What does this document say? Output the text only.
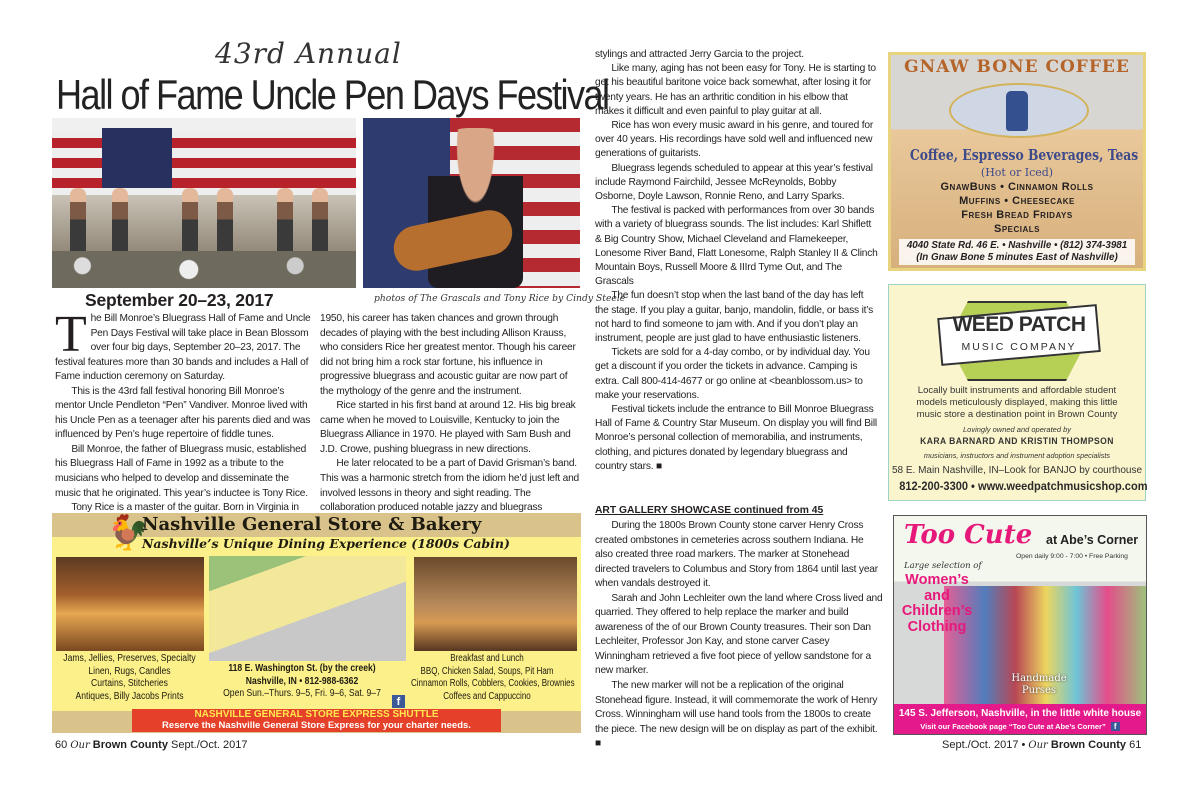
43rd Annual
Hall of Fame Uncle Pen Days Festival
September 20–23, 2017	photos of The Grascals and Tony Rice by Cindy Steele

The Bill Monroe’s Bluegrass Hall of Fame and Uncle Pen Days Festival will take place in Bean Blossom over four big days, September 20–23, 2017. The festival features more than 30 bands and includes a Hall of Fame induction ceremony on Saturday.

This is the 43rd fall festival honoring Bill Monroe’s mentor Uncle Pendleton “Pen” Vandiver. Monroe lived with his Uncle Pen as a teenager after his parents died and was influenced by Pen’s huge repertoire of fiddle tunes.

Bill Monroe, the father of Bluegrass music, established his Bluegrass Hall of Fame in 1992 as a tribute to the musicians who helped to develop and disseminate the music that he originated. This year’s inductee is Tony Rice.

Tony Rice is a master of the guitar. Born in Virginia in

1950, his career has taken chances and grown through decades of playing with the best including Allison Krauss, who considers Rice her greatest mentor. Though his career did not bring him a rock star fortune, his influence in progressive bluegrass and acoustic guitar are now part of the mythology of the genre and the instrument.

Rice started in his first band at around 12. His big break came when he moved to Louisville, Kentucky to join the Bluegrass Alliance in 1970. He played with Sam Bush and J.D. Crowe, pushing bluegrass in new directions.

He later relocated to be a part of David Grisman’s band. This was a harmonic stretch from the idiom he’d just left and involved lessons in theory and sight reading. The collaboration produced notable jazzy and bluegrass

stylings and attracted Jerry Garcia to the project.

Like many, aging has not been easy for Tony. He is starting to get his beautiful baritone voice back somewhat, after losing it for twenty years. He has an arthritic condition in his elbow that makes it difficult and even painful to play guitar at all.

Rice has won every music award in his genre, and toured for over 40 years. His recordings have sold well and influenced new generations of guitarists.

Bluegrass legends scheduled to appear at this year’s festival include Raymond Fairchild, Jessee McReynolds, Bobby Osborne, Doyle Lawson, Ronnie Reno, and Larry Sparks.

The festival is packed with performances from over 30 bands with a variety of bluegrass sounds. The list includes: Karl Shiflett & Big Country Show, Michael Cleveland and Flamekeeper, Lonesome River Band, Flatt Lonesome, Ralph Stanley II & Clinch Mountain Boys, Russell Moore & IIIrd Tyme Out, and The Grascals

The fun doesn’t stop when the last band of the day has left the stage. If you play a guitar, banjo, mandolin, fiddle, or bass it’s not hard to find someone to jam with. And if you don’t play an instrument, people are just glad to have enthusiastic listeners.

Tickets are sold for a 4-day combo, or by individual day. You get a discount if you order the tickets in advance. Camping is extra. Call 800-414-4677 or go online at <beanblossom.us> to make your reservations.

Festival tickets include the entrance to Bill Monroe Bluegrass Hall of Fame & Country Star Museum. On display you will find Bill Monroe’s personal collection of memorabilia, and instruments, clothing, and pictures donated by legendary bluegrass and country stars. ■

ART GALLERY SHOWCASE continued from 45

During the 1800s Brown County stone carver Henry Cross created ombstones in cemeteries across southern Indiana. He also created three road markers. The marker at Stonehead directed travelers to Columbus and Story from 1864 until last year when vandals destroyed it.

Sarah and John Lechleiter own the land where Cross lived and quarried. They offered to help replace the marker and build awareness of the of our Brown County treasures. Their son Dan Lechleiter, Professor Jon Kay, and stone carver Casey Winningham retrieved a five foot piece of yellow sandstone for a new marker.

The new marker will not be a replication of the original Stonehead figure. Instead, it will commemorate the work of Henry Cross. Winningham will use hand tools from the 1800s to create the piece. The new design will be on display as part of the exhibit. ■

🐓
Nashville General Store & Bakery
Nashville’s Unique Dining Experience (1800s Cabin)
NASHVILLE GENERAL STORE EXPRESS SHUTTLE
Reserve the Nashville General Store Express for your charter needs.
Jams, Jellies, Preserves, Specialty
Linen, Rugs, Candles
Curtains, Stitcheries
Antiques, Billy Jacobs Prints
118 E. Washington St. (by the creek)
Nashville, IN • 812-988-6362
Open Sun.–Thurs. 9–5, Fri. 9–6, Sat. 9–7
f
Breakfast and Lunch
BBQ, Chicken Salad, Soups, Pit Ham
Cinnamon Rolls, Cobblers, Cookies, Brownies
Coffees and Cappuccino
60 Our Brown County Sept./Oct. 2017	Sept./Oct. 2017 • Our Brown County 61
GNAW BONE COFFEE
Coffee, Espresso Beverages, Teas
(Hot or Iced)
GnawBuns • Cinnamon Rolls
Muffins • Cheesecake
Fresh Bread Fridays
Specials
4040 State Rd. 46 E. • Nashville • (812) 374-3981
(In Gnaw Bone 5 minutes East of Nashville)
WEED PATCH
MUSIC COMPANY
Locally built instruments and affordable student models meticulously displayed, making this little music store a destination point in Brown County
Lovingly owned and operated by
KARA BARNARD AND KRISTIN THOMPSON
musicians, instructors and instrument adoption specialists
58 E. Main Nashville, IN–Look for BANJO by courthouse
812-200-3300 • www.weedpatchmusicshop.com
Too Cute at Abe’s Corner
Open daily 9:00 - 7:00 • Free Parking
Large selection of
Women’s and Children’s Clothing
Handmade Purses
145 S. Jefferson, Nashville, in the little white house
Visit our Facebook page “Too Cute at Abe’s Corner” f
